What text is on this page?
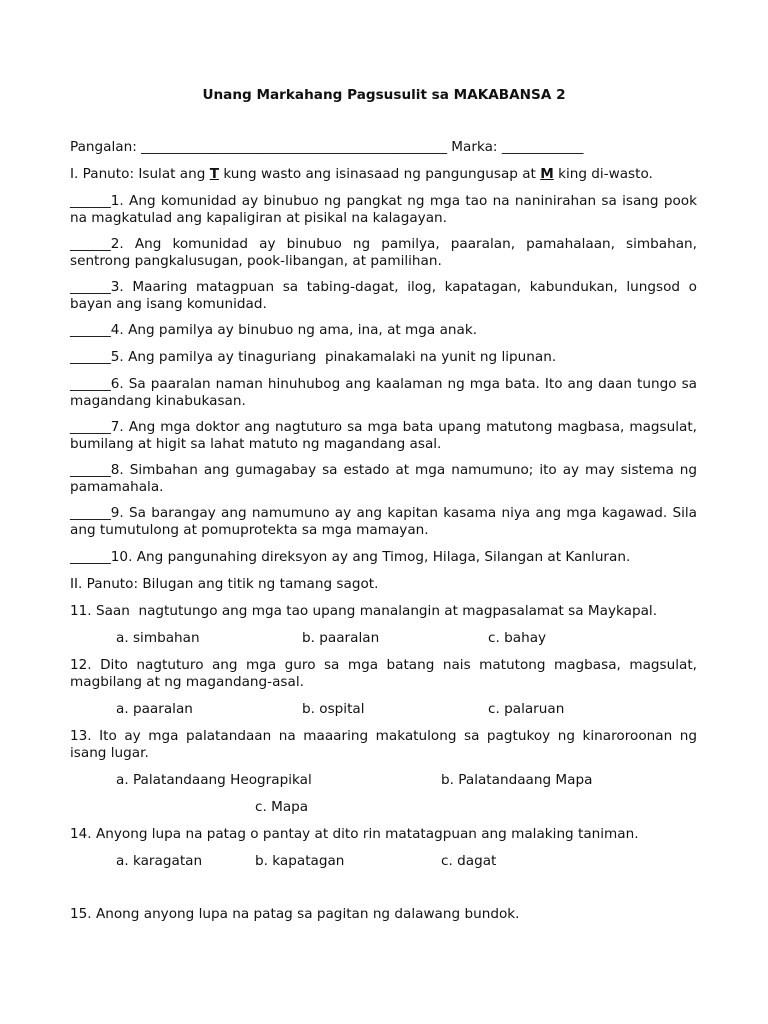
Unang Markahang Pagsusulit sa MAKABANSA 2

Pangalan: _____________________________________________ Marka: ____________

I. Panuto: Isulat ang T kung wasto ang isinasaad ng pangungusap at M king di-wasto.

______1. Ang komunidad ay binubuo ng pangkat ng mga tao na naninirahan sa isang pook na magkatulad ang kapaligiran at pisikal na kalagayan.

______2. Ang komunidad ay binubuo ng pamilya, paaralan, pamahalaan, simbahan, sentrong pangkalusugan, pook-libangan, at pamilihan.

______3. Maaring matagpuan sa tabing-dagat, ilog, kapatagan, kabundukan, lungsod o bayan ang isang komunidad.

______4. Ang pamilya ay binubuo ng ama, ina, at mga anak.

______5. Ang pamilya ay tinaguriang  pinakamalaki na yunit ng lipunan.

______6. Sa paaralan naman hinuhubog ang kaalaman ng mga bata. Ito ang daan tungo sa magandang kinabukasan.

______7. Ang mga doktor ang nagtuturo sa mga bata upang matutong magbasa, magsulat, bumilang at higit sa lahat matuto ng magandang asal.

______8. Simbahan ang gumagabay sa estado at mga namumuno; ito ay may sistema ng pamamahala.

______9. Sa barangay ang namumuno ay ang kapitan kasama niya ang mga kagawad. Sila ang tumutulong at pomuprotekta sa mga mamayan.

______10. Ang pangunahing direksyon ay ang Timog, Hilaga, Silangan at Kanluran.

II. Panuto: Bilugan ang titik ng tamang sagot.

11. Saan  nagtutungo ang mga tao upang manalangin at magpasalamat sa Maykapal.

a. simbahan	b. paaralan	c. bahay

12. Dito nagtuturo ang mga guro sa mga batang nais matutong magbasa, magsulat, magbilang at ng magandang-asal.

a. paaralan	b. ospital	c. palaruan

13. Ito ay mga palatandaan na maaaring makatulong sa pagtukoy ng kinaroroonan ng isang lugar.

a. Palatandaang Heograpikal	b. Palatandaang Mapa
c. Mapa

14. Anyong lupa na patag o pantay at dito rin matatagpuan ang malaking taniman.

a. karagatan	b. kapatagan	c. dagat

15. Anong anyong lupa na patag sa pagitan ng dalawang bundok.
